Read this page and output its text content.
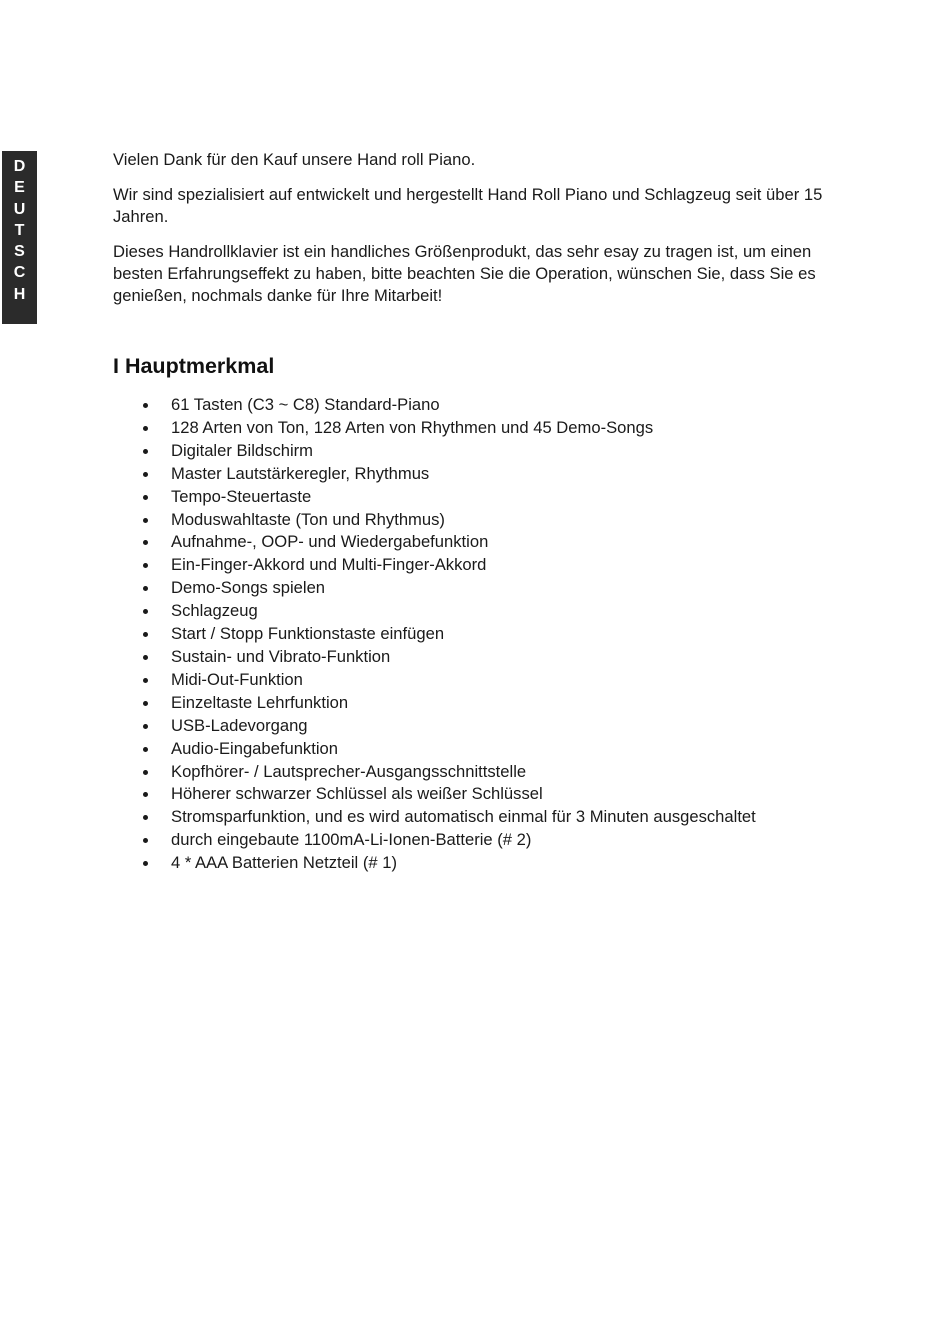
D
E
U
T
S
C
H

Vielen Dank für den Kauf unsere Hand roll Piano.

Wir sind spezialisiert auf entwickelt und hergestellt Hand Roll Piano und Schlagzeug seit über 15 Jahren.

Dieses Handrollklavier ist ein handliches Größenprodukt, das sehr esay zu tragen ist, um einen besten Erfahrungseffekt zu haben, bitte beachten Sie die Operation, wünschen Sie, dass Sie es genießen, nochmals danke für Ihre Mitarbeit!

I Hauptmerkmal
61 Tasten (C3 ~ C8) Standard-Piano
128 Arten von Ton, 128 Arten von Rhythmen und 45 Demo-Songs
Digitaler Bildschirm
Master Lautstärkeregler, Rhythmus
Tempo-Steuertaste
Moduswahltaste (Ton und Rhythmus)
Aufnahme-, OOP- und Wiedergabefunktion
Ein-Finger-Akkord und Multi-Finger-Akkord
Demo-Songs spielen
Schlagzeug
Start / Stopp Funktionstaste einfügen
Sustain- und Vibrato-Funktion
Midi-Out-Funktion
Einzeltaste Lehrfunktion
USB-Ladevorgang
Audio-Eingabefunktion
Kopfhörer- / Lautsprecher-Ausgangsschnittstelle
Höherer schwarzer Schlüssel als weißer Schlüssel
Stromsparfunktion, und es wird automatisch einmal für 3 Minuten ausgeschaltet
durch eingebaute 1100mA-Li-Ionen-Batterie (# 2)
4 * AAA Batterien Netzteil (# 1)
